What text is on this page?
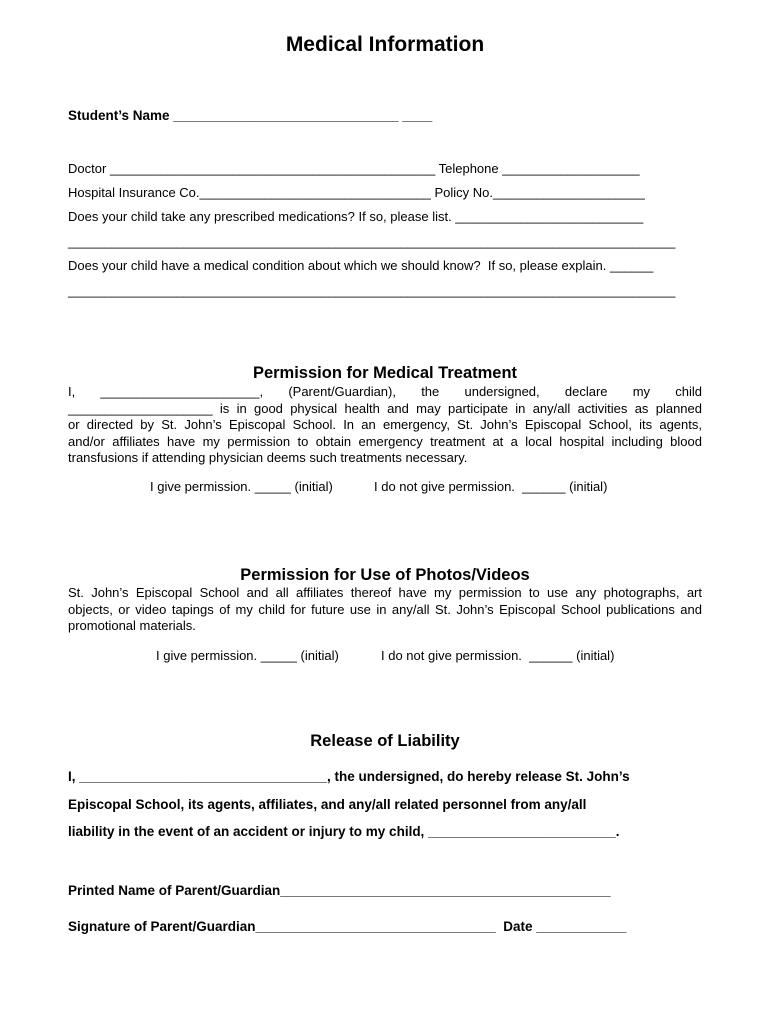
Medical Information
Student’s Name ______________________________ ____
Doctor _____________________________________________ Telephone ___________________
Hospital Insurance Co.________________________________ Policy No._____________________
Does your child take any prescribed medications? If so, please list. __________________________
____________________________________________________________________________________
Does your child have a medical condition about which we should know?  If so, please explain. ______
____________________________________________________________________________________
Permission for Medical Treatment
I, ______________________, (Parent/Guardian), the undersigned, declare my child
____________________ is in good physical health and may participate in any/all activities as planned
or directed by St. John’s Episcopal School. In an emergency, St. John’s Episcopal School, its agents,
and/or affiliates have my permission to obtain emergency treatment at a local hospital including blood
transfusions if attending physician deems such treatments necessary.
I give permission. _____ (initial)	I do not give permission.  ______ (initial)
Permission for Use of Photos/Videos
St. John’s Episcopal School and all affiliates thereof have my permission to use any photographs, art
objects, or video tapings of my child for future use in any/all St. John’s Episcopal School publications and
promotional materials.
I give permission. _____ (initial)	I do not give permission.  ______ (initial)
Release of Liability
I, _________________________________, the undersigned, do hereby release St. John’s
Episcopal School, its agents, affiliates, and any/all related personnel from any/all
liability in the event of an accident or injury to my child, _________________________.
Printed Name of Parent/Guardian____________________________________________
Signature of Parent/Guardian________________________________  Date ____________
